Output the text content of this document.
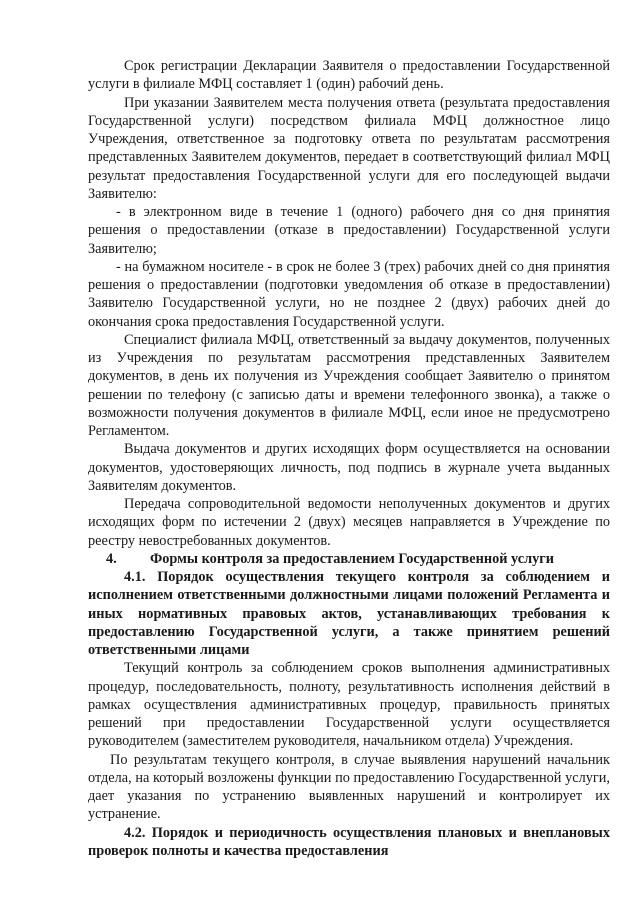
Срок регистрации Декларации Заявителя о предоставлении Государственной услуги в филиале МФЦ составляет 1 (один) рабочий день.

При указании Заявителем места получения ответа (результата предоставления Государственной услуги) посредством филиала МФЦ должностное лицо Учреждения, ответственное за подготовку ответа по результатам рассмотрения представленных Заявителем документов, передает в соответствующий филиал МФЦ результат предоставления Государственной услуги для его последующей выдачи Заявителю:

- в электронном виде в течение 1 (одного) рабочего дня со дня принятия решения о предоставлении (отказе в предоставлении) Государственной услуги Заявителю;

- на бумажном носителе - в срок не более 3 (трех) рабочих дней со дня принятия решения о предоставлении (подготовки уведомления об отказе в предоставлении) Заявителю Государственной услуги, но не позднее 2 (двух) рабочих дней до окончания срока предоставления Государственной услуги.

Специалист филиала МФЦ, ответственный за выдачу документов, полученных из Учреждения по результатам рассмотрения представленных Заявителем документов, в день их получения из Учреждения сообщает Заявителю о принятом решении по телефону (с записью даты и времени телефонного звонка), а также о возможности получения документов в филиале МФЦ, если иное не предусмотрено Регламентом.

Выдача документов и других исходящих форм осуществляется на основании документов, удостоверяющих личность, под подпись в журнале учета выданных Заявителям документов.

Передача сопроводительной ведомости неполученных документов и других исходящих форм по истечении 2 (двух) месяцев направляется в Учреждение по реестру невостребованных документов.

4. Формы контроля за предоставлением Государственной услуги

4.1. Порядок осуществления текущего контроля за соблюдением и исполнением ответственными должностными лицами положений Регламента и иных нормативных правовых актов, устанавливающих требования к предоставлению Государственной услуги, а также принятием решений ответственными лицами

Текущий контроль за соблюдением сроков выполнения административных процедур, последовательность, полноту, результативность исполнения действий в рамках осуществления административных процедур, правильность принятых решений при предоставлении Государственной услуги осуществляется руководителем (заместителем руководителя, начальником отдела) Учреждения.

По результатам текущего контроля, в случае выявления нарушений начальник отдела, на который возложены функции по предоставлению Государственной услуги, дает указания по устранению выявленных нарушений и контролирует их устранение.

4.2. Порядок и периодичность осуществления плановых и внеплановых проверок полноты и качества предоставления
